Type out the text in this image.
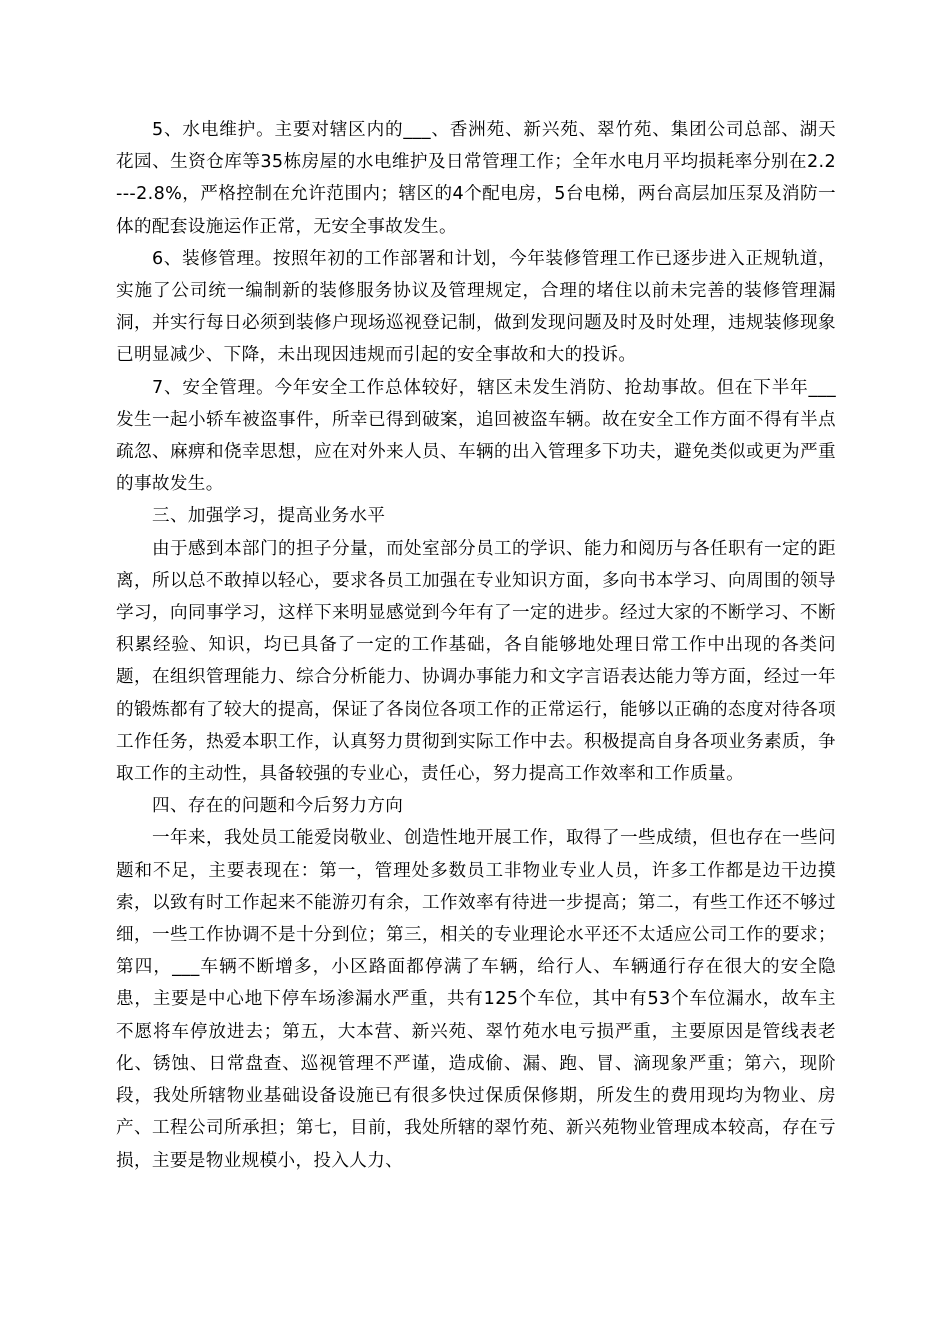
5、水电维护。主要对辖区内的___、香洲苑、新兴苑、翠竹苑、集团公司总部、湖天花园、生资仓库等35栋房屋的水电维护及日常管理工作；全年水电月平均损耗率分别在2.2---2.8%，严格控制在允许范围内；辖区的4个配电房，5台电梯，两台高层加压泵及消防一体的配套设施运作正常，无安全事故发生。

6、装修管理。按照年初的工作部署和计划，今年装修管理工作已逐步进入正规轨道，实施了公司统一编制新的装修服务协议及管理规定，合理的堵住以前未完善的装修管理漏洞，并实行每日必须到装修户现场巡视登记制，做到发现问题及时及时处理，违规装修现象已明显减少、下降，未出现因违规而引起的安全事故和大的投诉。

7、安全管理。今年安全工作总体较好，辖区未发生消防、抢劫事故。但在下半年___发生一起小轿车被盗事件，所幸已得到破案，追回被盗车辆。故在安全工作方面不得有半点疏忽、麻痹和侥幸思想，应在对外来人员、车辆的出入管理多下功夫，避免类似或更为严重的事故发生。

三、加强学习，提高业务水平

由于感到本部门的担子分量，而处室部分员工的学识、能力和阅历与各任职有一定的距离，所以总不敢掉以轻心，要求各员工加强在专业知识方面，多向书本学习、向周围的领导学习，向同事学习，这样下来明显感觉到今年有了一定的进步。经过大家的不断学习、不断积累经验、知识，均已具备了一定的工作基础，各自能够地处理日常工作中出现的各类问题，在组织管理能力、综合分析能力、协调办事能力和文字言语表达能力等方面，经过一年的锻炼都有了较大的提高，保证了各岗位各项工作的正常运行，能够以正确的态度对待各项工作任务，热爱本职工作，认真努力贯彻到实际工作中去。积极提高自身各项业务素质，争取工作的主动性，具备较强的专业心，责任心，努力提高工作效率和工作质量。

四、存在的问题和今后努力方向

一年来，我处员工能爱岗敬业、创造性地开展工作，取得了一些成绩，但也存在一些问题和不足，主要表现在：第一，管理处多数员工非物业专业人员，许多工作都是边干边摸索，以致有时工作起来不能游刃有余，工作效率有待进一步提高；第二，有些工作还不够过细，一些工作协调不是十分到位；第三，相关的专业理论水平还不太适应公司工作的要求；第四，___车辆不断增多，小区路面都停满了车辆，给行人、车辆通行存在很大的安全隐患，主要是中心地下停车场渗漏水严重，共有125个车位，其中有53个车位漏水，故车主不愿将车停放进去；第五，大本营、新兴苑、翠竹苑水电亏损严重，主要原因是管线表老化、锈蚀、日常盘查、巡视管理不严谨，造成偷、漏、跑、冒、滴现象严重；第六，现阶段，我处所辖物业基础设备设施已有很多快过保质保修期，所发生的费用现均为物业、房产、工程公司所承担；第七，目前，我处所辖的翠竹苑、新兴苑物业管理成本较高，存在亏损，主要是物业规模小，投入人力、
